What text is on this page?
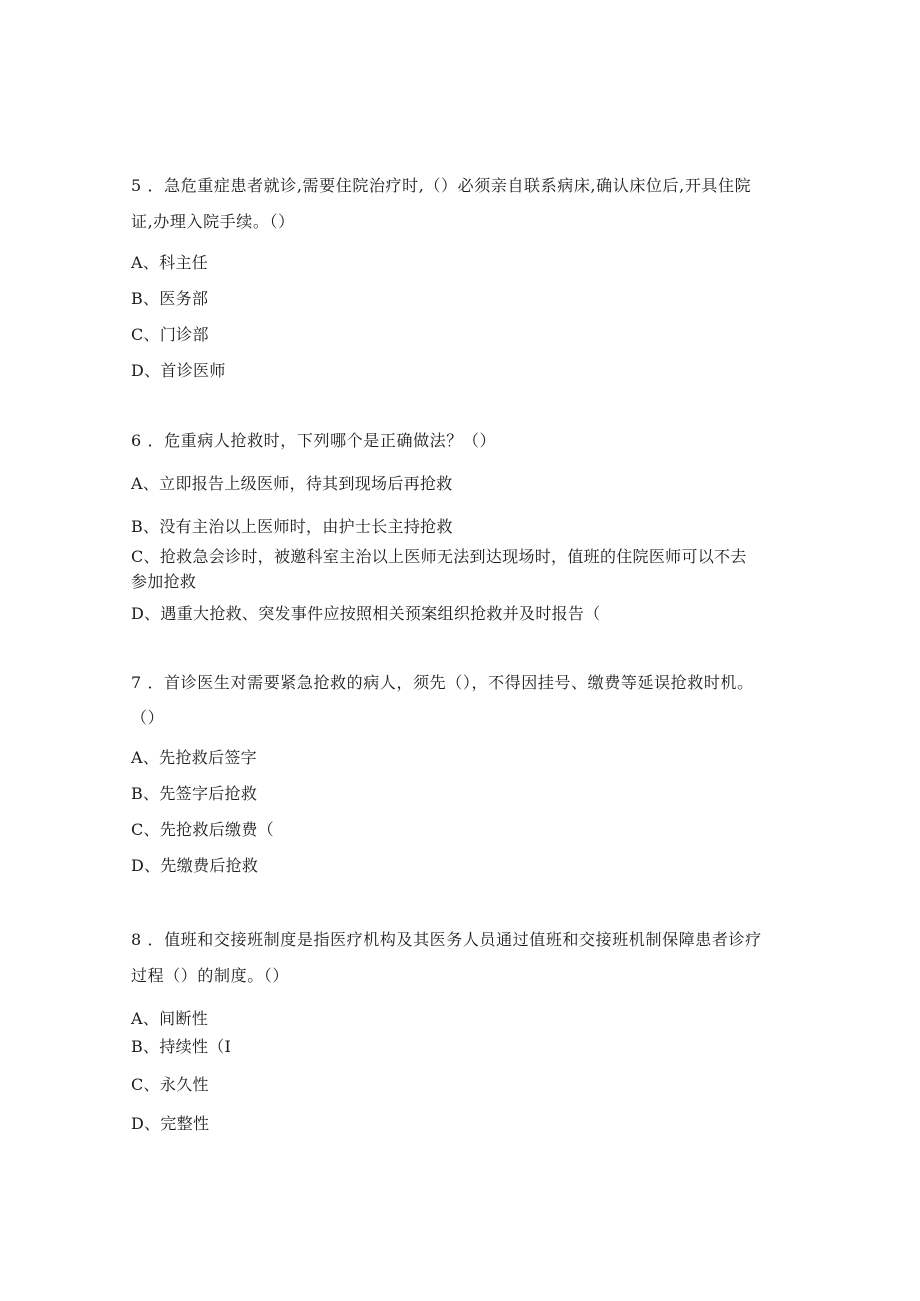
5 ．急危重症患者就诊,需要住院治疗时,（）必须亲自联系病床,确认床位后,开具住院
证,办理入院手续。（）
A、科主任
B、医务部
C、门诊部
D、首诊医师
6 ．危重病人抢救时，下列哪个是正确做法？（）
A、立即报告上级医师，待其到现场后再抢救
B、没有主治以上医师时，由护士长主持抢救
C、抢救急会诊时，被邀科室主治以上医师无法到达现场时，值班的住院医师可以不去
参加抢救
D、遇重大抢救、突发事件应按照相关预案组织抢救并及时报告（
7 ．首诊医生对需要紧急抢救的病人，须先（），不得因挂号、缴费等延误抢救时机。
（）
A、先抢救后签字
B、先签字后抢救
C、先抢救后缴费（
D、先缴费后抢救
8 ．值班和交接班制度是指医疗机构及其医务人员通过值班和交接班机制保障患者诊疗
过程（）的制度。（）
A、间断性
B、持续性（I
C、永久性
D、完整性
